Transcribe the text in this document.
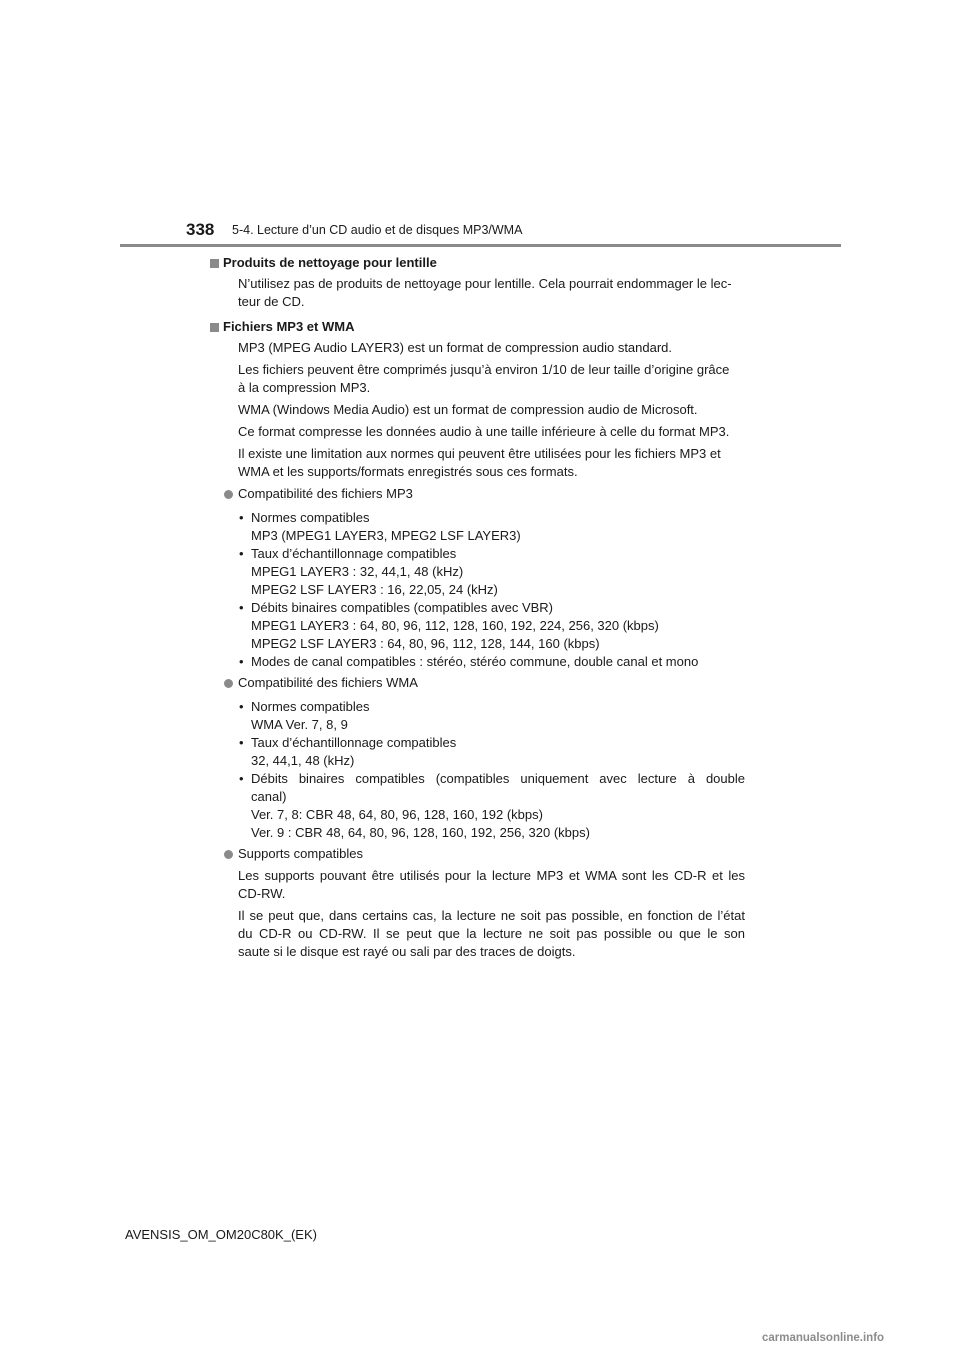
338 5-4. Lecture d’un CD audio et de disques MP3/WMA
Produits de nettoyage pour lentille
N’utilisez pas de produits de nettoyage pour lentille. Cela pourrait endommager le lec-
teur de CD.
Fichiers MP3 et WMA
MP3 (MPEG Audio LAYER3) est un format de compression audio standard.
Les fichiers peuvent être comprimés jusqu’à environ 1/10 de leur taille d’origine grâce
à la compression MP3.
WMA (Windows Media Audio) est un format de compression audio de Microsoft.
Ce format compresse les données audio à une taille inférieure à celle du format MP3.
Il existe une limitation aux normes qui peuvent être utilisées pour les fichiers MP3 et
WMA et les supports/formats enregistrés sous ces formats.
Compatibilité des fichiers MP3
• Normes compatibles
MP3 (MPEG1 LAYER3, MPEG2 LSF LAYER3)
• Taux d’échantillonnage compatibles
MPEG1 LAYER3 : 32, 44,1, 48 (kHz)
MPEG2 LSF LAYER3 : 16, 22,05, 24 (kHz)
• Débits binaires compatibles (compatibles avec VBR)
MPEG1 LAYER3 : 64, 80, 96, 112, 128, 160, 192, 224, 256, 320 (kbps)
MPEG2 LSF LAYER3 : 64, 80, 96, 112, 128, 144, 160 (kbps)
• Modes de canal compatibles : stéréo, stéréo commune, double canal et mono
Compatibilité des fichiers WMA
• Normes compatibles
WMA Ver. 7, 8, 9
• Taux d’échantillonnage compatibles
32, 44,1, 48 (kHz)
• Débits binaires compatibles (compatibles uniquement avec lecture à double
canal)
Ver. 7, 8: CBR 48, 64, 80, 96, 128, 160, 192 (kbps)
Ver. 9 : CBR 48, 64, 80, 96, 128, 160, 192, 256, 320 (kbps)
Supports compatibles
Les supports pouvant être utilisés pour la lecture MP3 et WMA sont les CD-R et les
CD-RW.
Il se peut que, dans certains cas, la lecture ne soit pas possible, en fonction de l’état
du CD-R ou CD-RW. Il se peut que la lecture ne soit pas possible ou que le son
saute si le disque est rayé ou sali par des traces de doigts.
AVENSIS_OM_OM20C80K_(EK)
carmanualsonline.info
